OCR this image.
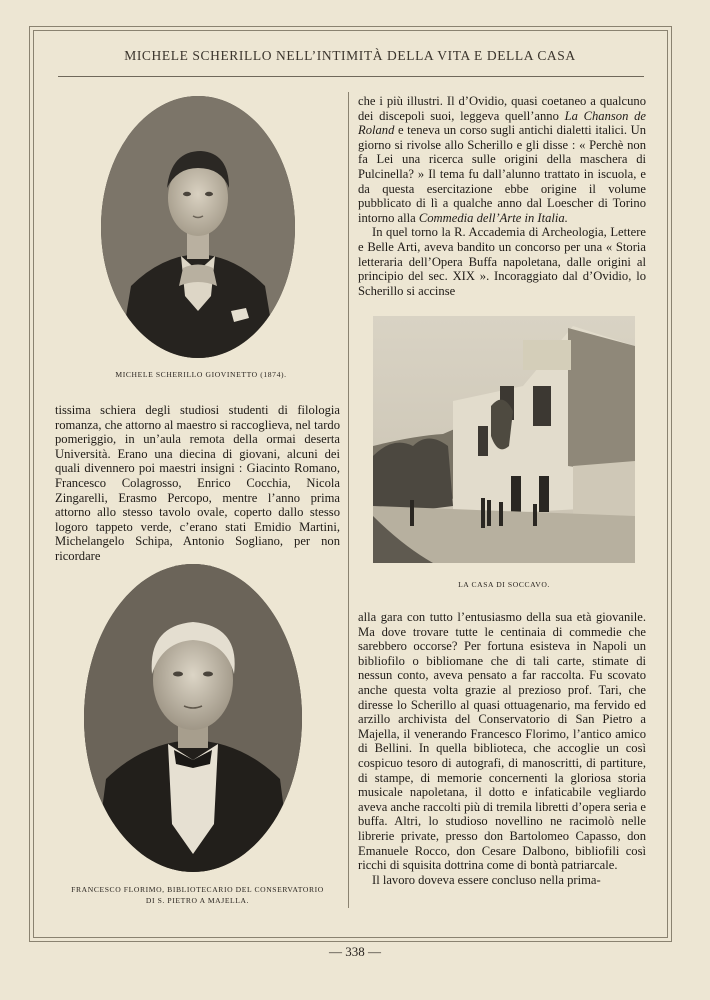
MICHELE SCHERILLO NELL’INTIMITÀ DELLA VITA E DELLA CASA
MICHELE SCHERILLO GIOVINETTO (1874).

che i più illustri. Il d’Ovidio, quasi coetaneo a qualcuno dei discepoli suoi, leggeva quell’anno La Chanson de Roland e teneva un corso sugli antichi dialetti italici. Un giorno si rivolse allo Scherillo e gli disse : « Perchè non fa Lei una ricerca sulle origini della maschera di Pulcinella? » Il tema fu dall’alunno trattato in iscuola, e da questa esercitazione ebbe origine il volume pubblicato di lì a qualche anno dal Loescher di Torino intorno alla Commedia dell’Arte in Italia.

In quel torno la R. Accademia di Archeologia, Lettere e Belle Arti, aveva bandito un concorso per una « Storia letteraria dell’Opera Buffa napoletana, dalle origini al principio del sec. XIX ». Incoraggiato dal d’Ovidio, lo Scherillo si accinse

LA CASA DI SOCCAVO.

tissima schiera degli studiosi studenti di filologia romanza, che attorno al maestro si raccoglieva, nel tardo pomeriggio, in un’aula remota della ormai deserta Università. Erano una diecina di giovani, alcuni dei quali divennero poi maestri insigni : Giacinto Romano, Francesco Colagrosso, Enrico Cocchia, Nicola Zingarelli, Erasmo Percopo, mentre l’anno prima attorno allo stesso tavolo ovale, coperto dallo stesso logoro tappeto verde, c’erano stati Emidio Martini, Michelangelo Schipa, Antonio Sogliano, per non ricordare

FRANCESCO FLORIMO, BIBLIOTECARIO DEL CONSERVATORIO
DI S. PIETRO A MAJELLA.

alla gara con tutto l’entusiasmo della sua età giovanile. Ma dove trovare tutte le centinaia di commedie che sarebbero occorse? Per fortuna esisteva in Napoli un bibliofilo o bibliomane che di tali carte, stimate di nessun conto, aveva pensato a far raccolta. Fu scovato anche questa volta grazie al prezioso prof. Tari, che diresse lo Scherillo al quasi ottuagenario, ma fervido ed arzillo archivista del Conservatorio di San Pietro a Majella, il venerando Francesco Florimo, l’antico amico di Bellini. In quella biblioteca, che accoglie un così cospicuo tesoro di autografi, di manoscritti, di partiture, di stampe, di memorie concernenti la gloriosa storia musicale napoletana, il dotto e infaticabile vegliardo aveva anche raccolti più di tremila libretti d’opera seria e buffa. Altri, lo studioso novellino ne racimolò nelle librerie private, presso don Bartolomeo Capasso, don Emanuele Rocco, don Cesare Dalbono, bibliofili così ricchi di squisita dottrina come di bontà patriarcale.

Il lavoro doveva essere concluso nella prima-

— 338 —
